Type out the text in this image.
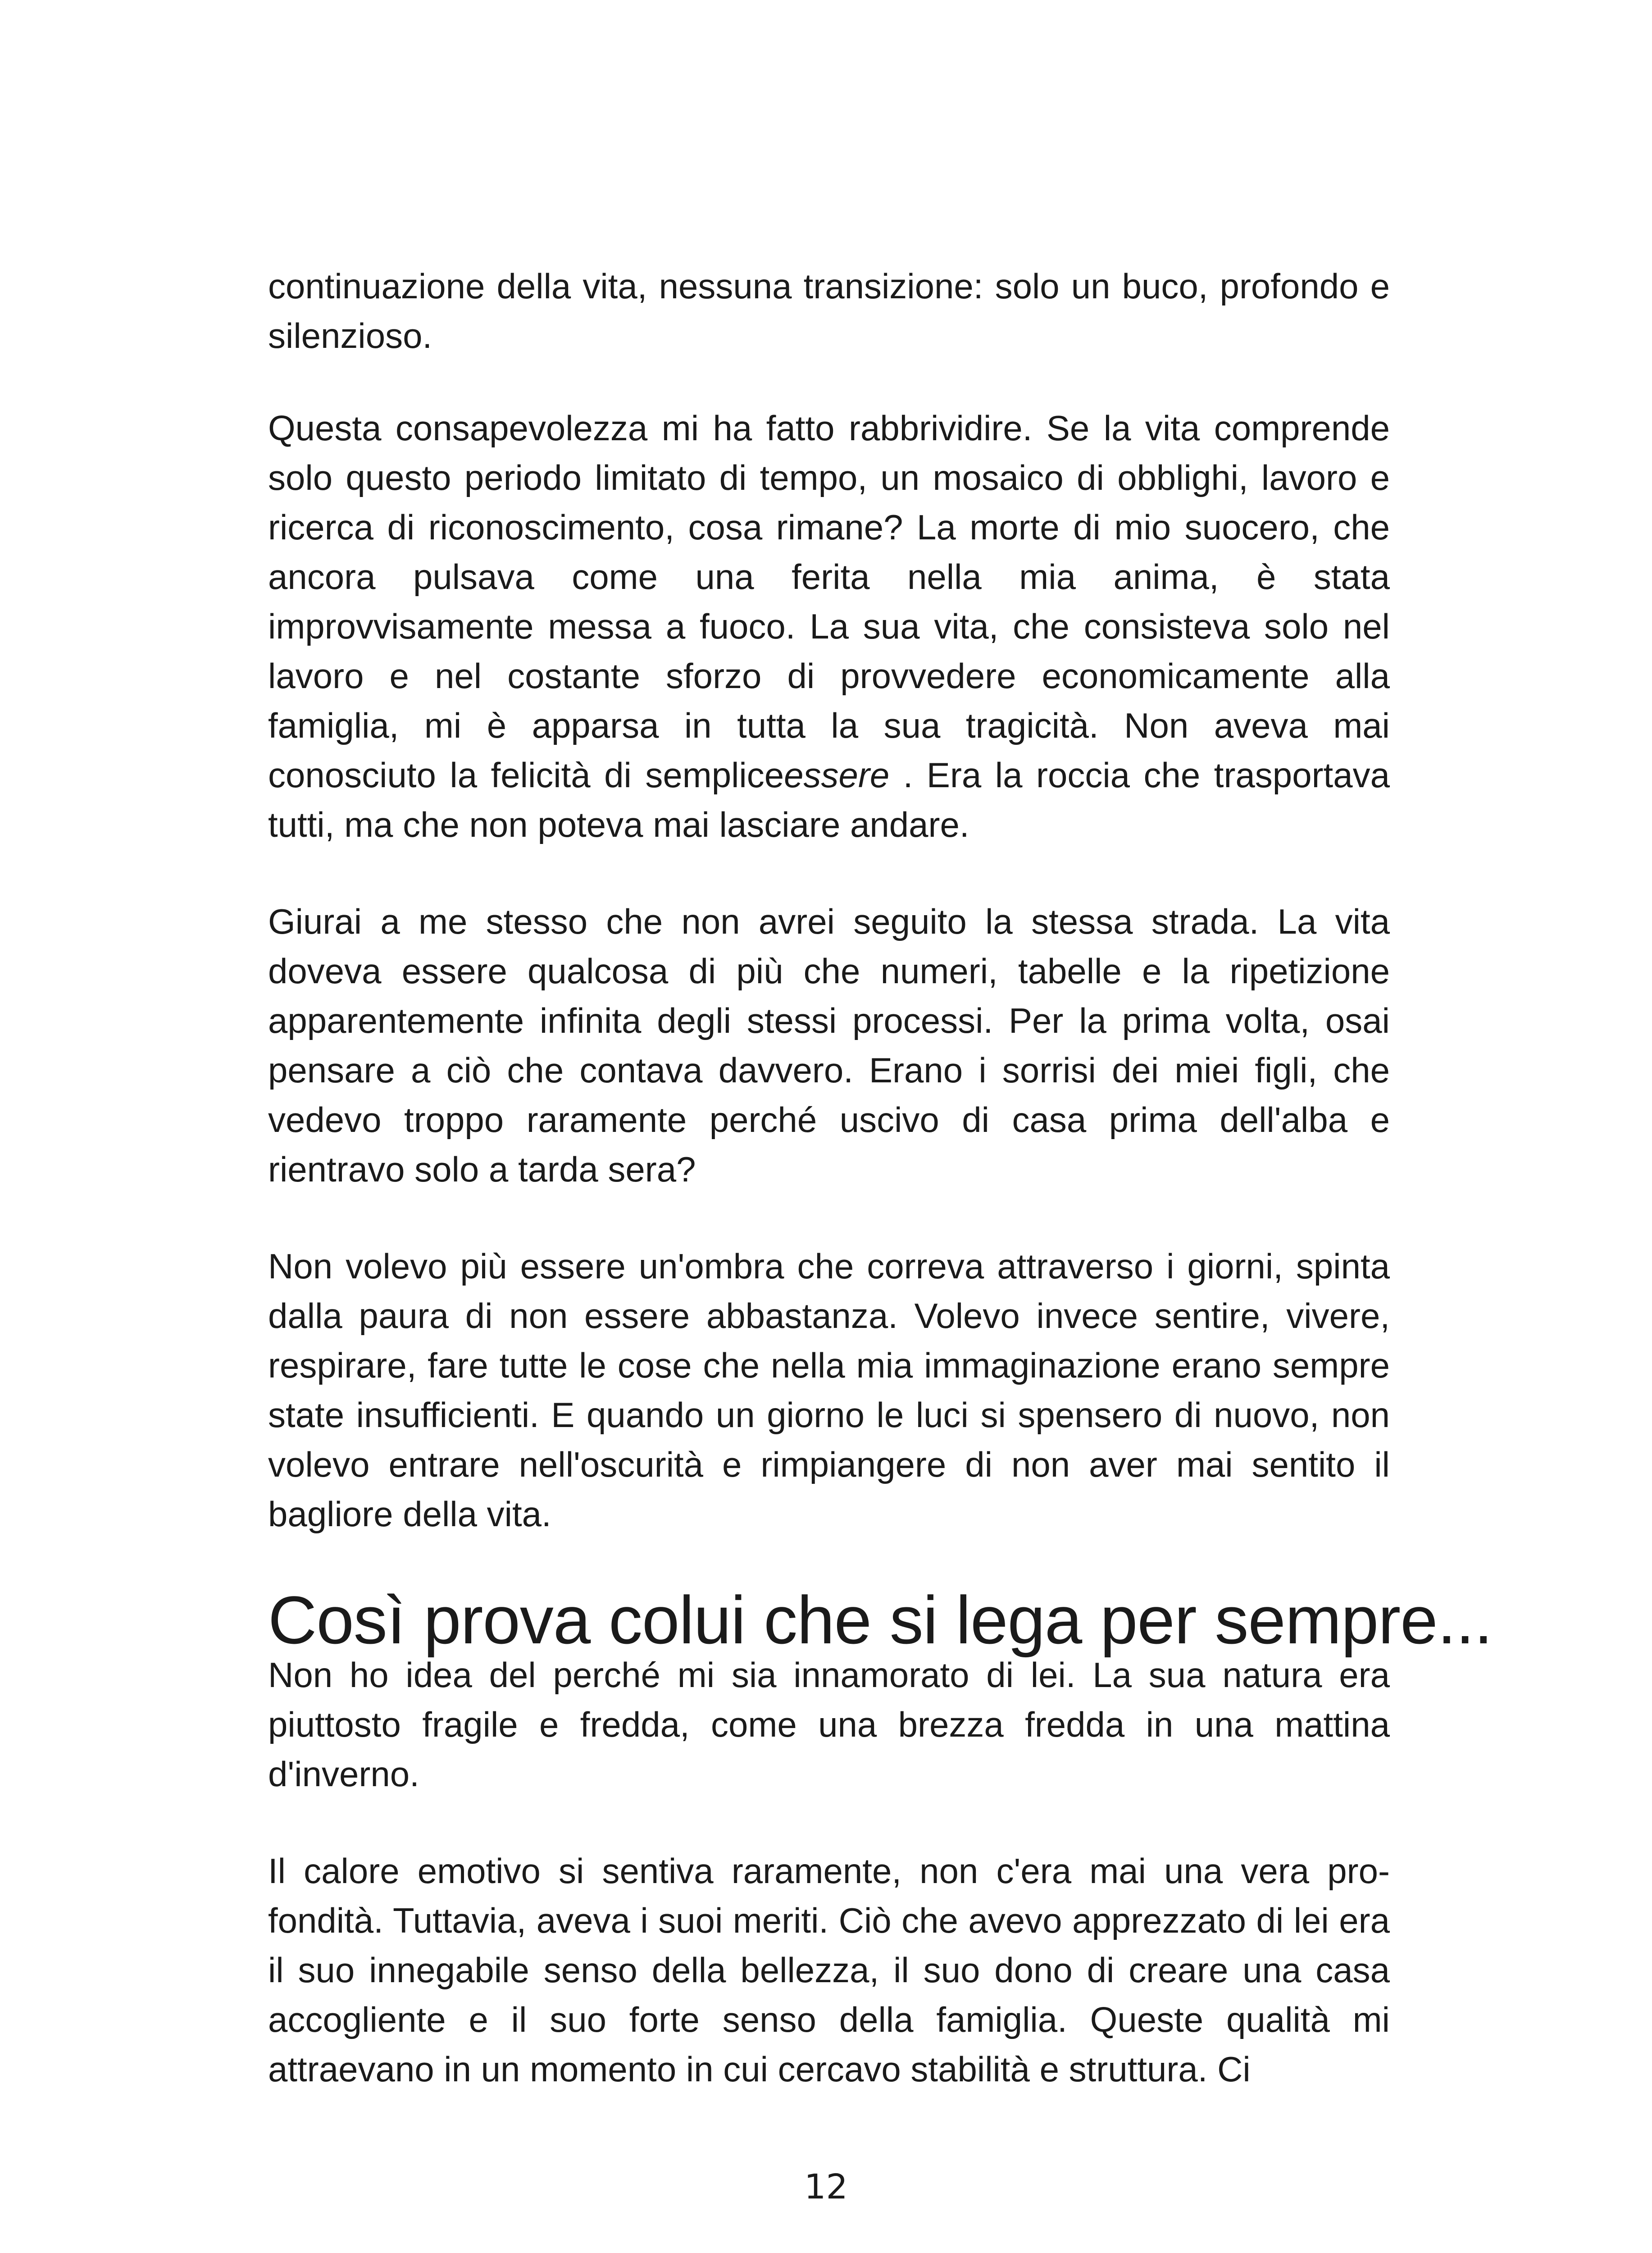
continuazione della vita, nessuna transizione: solo un buco, profondo e silenzioso.

Questa consapevolezza mi ha fatto rabbrividire. Se la vita comprende solo questo periodo limitato di tempo, un mosaico di obblighi, lavoro e ricerca di riconoscimento, cosa rimane? La morte di mio suocero, che ancora pulsava come una ferita nella mia anima, è stata improvvisamente messa a fuoco. La sua vita, che consisteva solo nel lavoro e nel costante sforzo di provvedere economicamente alla famiglia, mi è apparsa in tutta la sua tragicità. Non aveva mai conosciuto la felicità di sempliceessere . Era la roccia che trasportava tutti, ma che non poteva mai lasciare andare.

Giurai a me stesso che non avrei seguito la stessa strada. La vita doveva essere qualcosa di più che numeri, tabelle e la ripetizione apparentemente infinita degli stessi processi. Per la prima volta, osai pensare a ciò che contava davvero. Erano i sorrisi dei miei figli, che vedevo troppo raramente perché uscivo di casa prima dell'alba e rientravo solo a tarda sera?

Non volevo più essere un'ombra che correva attraverso i giorni, spinta dalla paura di non essere abbastanza. Volevo invece sentire, vivere, respirare, fare tutte le cose che nella mia immaginazione erano sempre state insufficienti. E quando un giorno le luci si spensero di nuovo, non volevo entrare nell'oscurità e rimpiangere di non aver mai sentito il bagliore della vita.

Così prova colui che si lega per sempre...

Non ho idea del perché mi sia innamorato di lei. La sua natura era piuttosto fragile e fredda, come una brezza fredda in una mattina d'inverno.

Il calore emotivo si sentiva raramente, non c'era mai una vera profondità. Tuttavia, aveva i suoi meriti. Ciò che avevo apprezzato di lei era il suo innegabile senso della bellezza, il suo dono di creare una casa accogliente e il suo forte senso della famiglia. Queste qualità mi attraevano in un momento in cui cercavo stabilità e struttura. Ci

12
